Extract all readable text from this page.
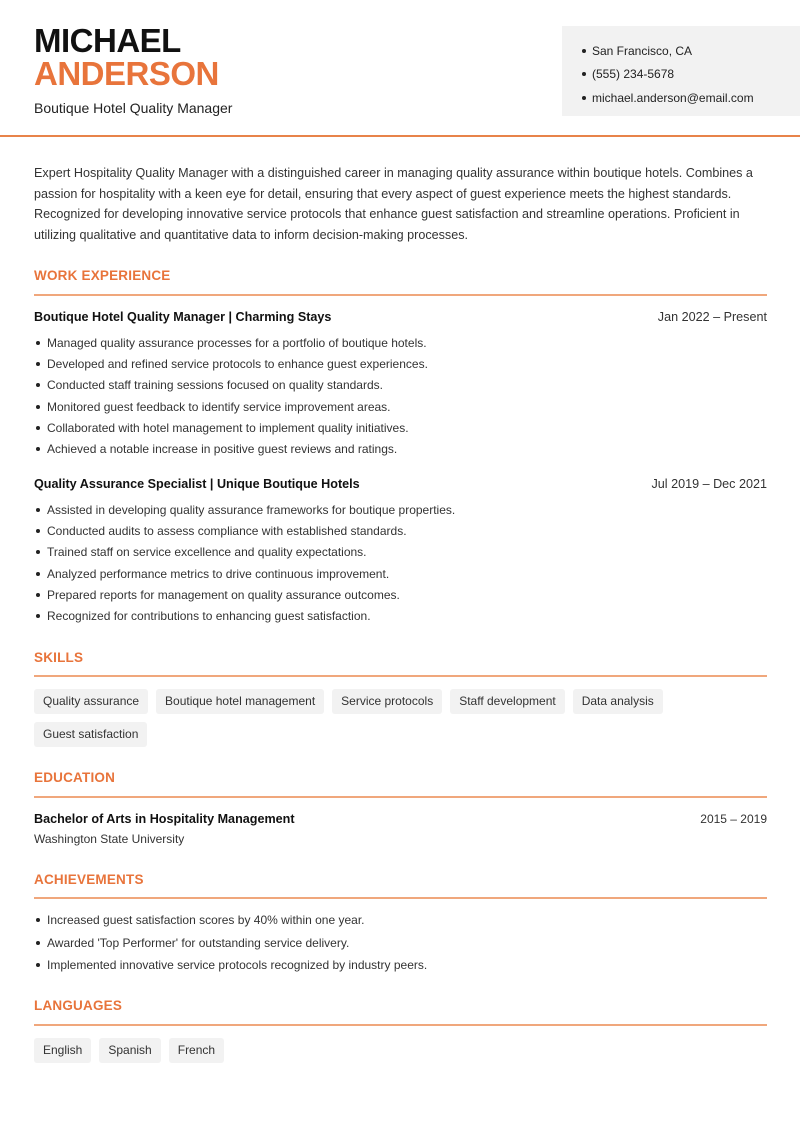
MICHAEL
ANDERSON
Boutique Hotel Quality Manager
San Francisco, CA
(555) 234-5678
michael.anderson@email.com
Expert Hospitality Quality Manager with a distinguished career in managing quality assurance within boutique hotels. Combines a passion for hospitality with a keen eye for detail, ensuring that every aspect of guest experience meets the highest standards. Recognized for developing innovative service protocols that enhance guest satisfaction and streamline operations. Proficient in utilizing qualitative and quantitative data to inform decision-making processes.
WORK EXPERIENCE
Boutique Hotel Quality Manager | Charming Stays	Jan 2022 – Present
Managed quality assurance processes for a portfolio of boutique hotels.
Developed and refined service protocols to enhance guest experiences.
Conducted staff training sessions focused on quality standards.
Monitored guest feedback to identify service improvement areas.
Collaborated with hotel management to implement quality initiatives.
Achieved a notable increase in positive guest reviews and ratings.
Quality Assurance Specialist | Unique Boutique Hotels	Jul 2019 – Dec 2021
Assisted in developing quality assurance frameworks for boutique properties.
Conducted audits to assess compliance with established standards.
Trained staff on service excellence and quality expectations.
Analyzed performance metrics to drive continuous improvement.
Prepared reports for management on quality assurance outcomes.
Recognized for contributions to enhancing guest satisfaction.
SKILLS
Quality assurance	Boutique hotel management	Service protocols	Staff development	Data analysis
Guest satisfaction
EDUCATION
Bachelor of Arts in Hospitality Management	2015 – 2019
Washington State University
ACHIEVEMENTS
Increased guest satisfaction scores by 40% within one year.
Awarded 'Top Performer' for outstanding service delivery.
Implemented innovative service protocols recognized by industry peers.
LANGUAGES
English	Spanish	French
